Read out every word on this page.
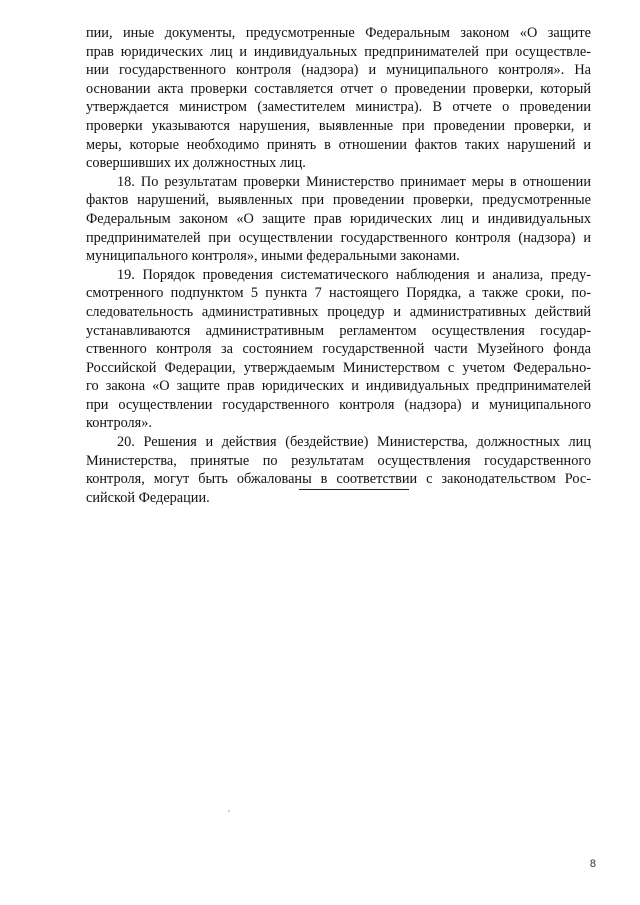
пии, иные документы, предусмотренные Федеральным законом «О защите
прав юридических лиц и индивидуальных предпринимателей при осуществле-
нии государственного контроля (надзора) и муниципального контроля». На
основании акта проверки составляется отчет о проведении проверки, который
утверждается министром (заместителем министра). В отчете о проведении
проверки указываются нарушения, выявленные при проведении проверки, и
меры, которые необходимо принять в отношении фактов таких нарушений и
совершивших их должностных лиц.
18. По результатам проверки Министерство принимает меры в отношении
фактов нарушений, выявленных при проведении проверки, предусмотренные
Федеральным законом «О защите прав юридических лиц и индивидуальных
предпринимателей при осуществлении государственного контроля (надзора) и
муниципального контроля», иными федеральными законами.
19. Порядок проведения систематического наблюдения и анализа, преду-
смотренного подпунктом 5 пункта 7 настоящего Порядка, а также сроки, по-
следовательность административных процедур и административных действий
устанавливаются административным регламентом осуществления государ-
ственного контроля за состоянием государственной части Музейного фонда
Российской Федерации, утверждаемым Министерством с учетом Федерально-
го закона «О защите прав юридических и индивидуальных предпринимателей
при осуществлении государственного контроля (надзора) и муниципального
контроля».
20. Решения и действия (бездействие) Министерства, должностных лиц
Министерства, принятые по результатам осуществления государственного
контроля, могут быть обжалованы в соответствии с законодательством Рос-
сийской Федерации.
8
